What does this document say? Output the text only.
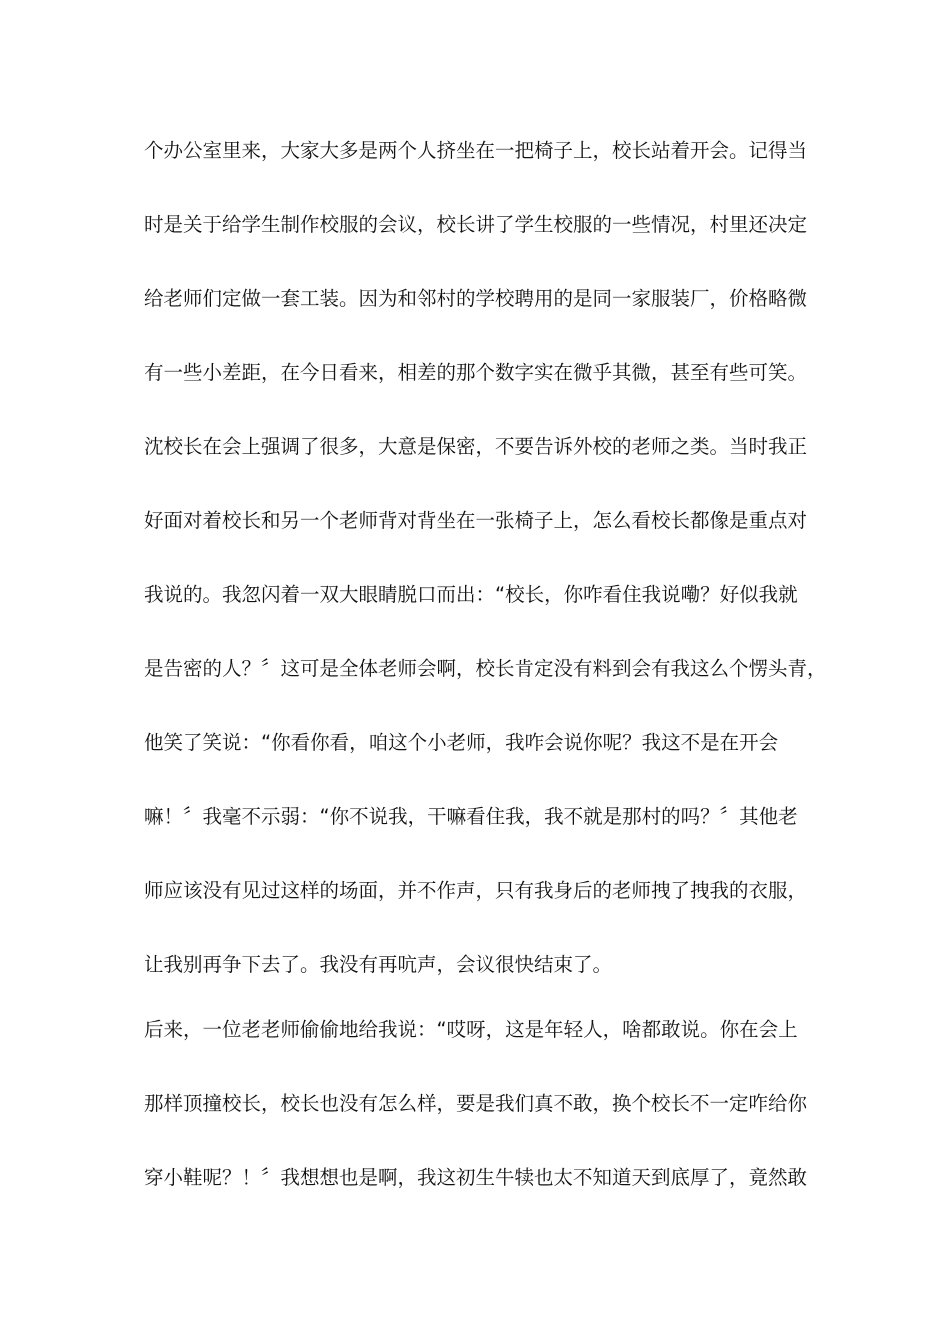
个办公室里来，大家大多是两个人挤坐在一把椅子上，校长站着开会。记得当
时是关于给学生制作校服的会议，校长讲了学生校服的一些情况，村里还决定
给老师们定做一套工装。因为和邻村的学校聘用的是同一家服装厂，价格略微
有一些小差距，在今日看来，相差的那个数字实在微乎其微，甚至有些可笑。
沈校长在会上强调了很多，大意是保密，不要告诉外校的老师之类。当时我正
好面对着校长和另一个老师背对背坐在一张椅子上，怎么看校长都像是重点对
我说的。我忽闪着一双大眼睛脱口而出：“校长，你咋看住我说嘞？好似我就
是告密的人？〞这可是全体老师会啊，校长肯定没有料到会有我这么个愣头青，
他笑了笑说：“你看你看，咱这个小老师，我咋会说你呢？我这不是在开会
嘛！〞我毫不示弱：“你不说我，干嘛看住我，我不就是那村的吗？〞其他老
师应该没有见过这样的场面，并不作声，只有我身后的老师拽了拽我的衣服，
让我别再争下去了。我没有再吭声，会议很快结束了。
后来，一位老老师偷偷地给我说：“哎呀，这是年轻人，啥都敢说。你在会上
那样顶撞校长，校长也没有怎么样，要是我们真不敢，换个校长不一定咋给你
穿小鞋呢？！〞我想想也是啊，我这初生牛犊也太不知道天到底厚了，竟然敢
